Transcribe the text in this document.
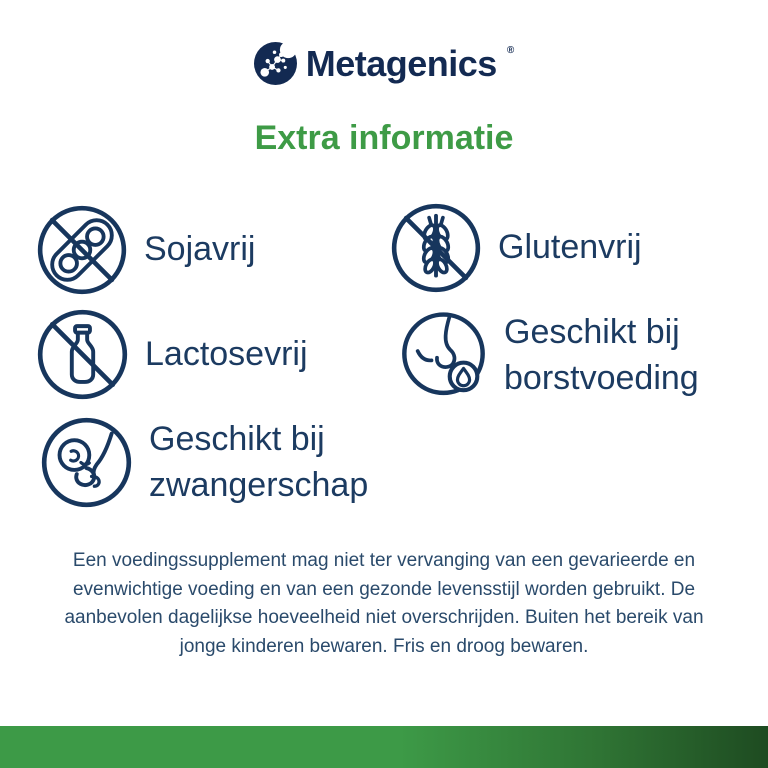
Metagenics ®
Extra informatie
Sojavrij	Glutenvrij
Lactosevrij
Geschikt bij borstvoeding
Geschikt bij zwangerschap
Een voedingssupplement mag niet ter vervanging van een gevarieerde en evenwichtige voeding en van een gezonde levensstijl worden gebruikt. De aanbevolen dagelijkse hoeveelheid niet overschrijden. Buiten het bereik van jonge kinderen bewaren. Fris en droog bewaren.
